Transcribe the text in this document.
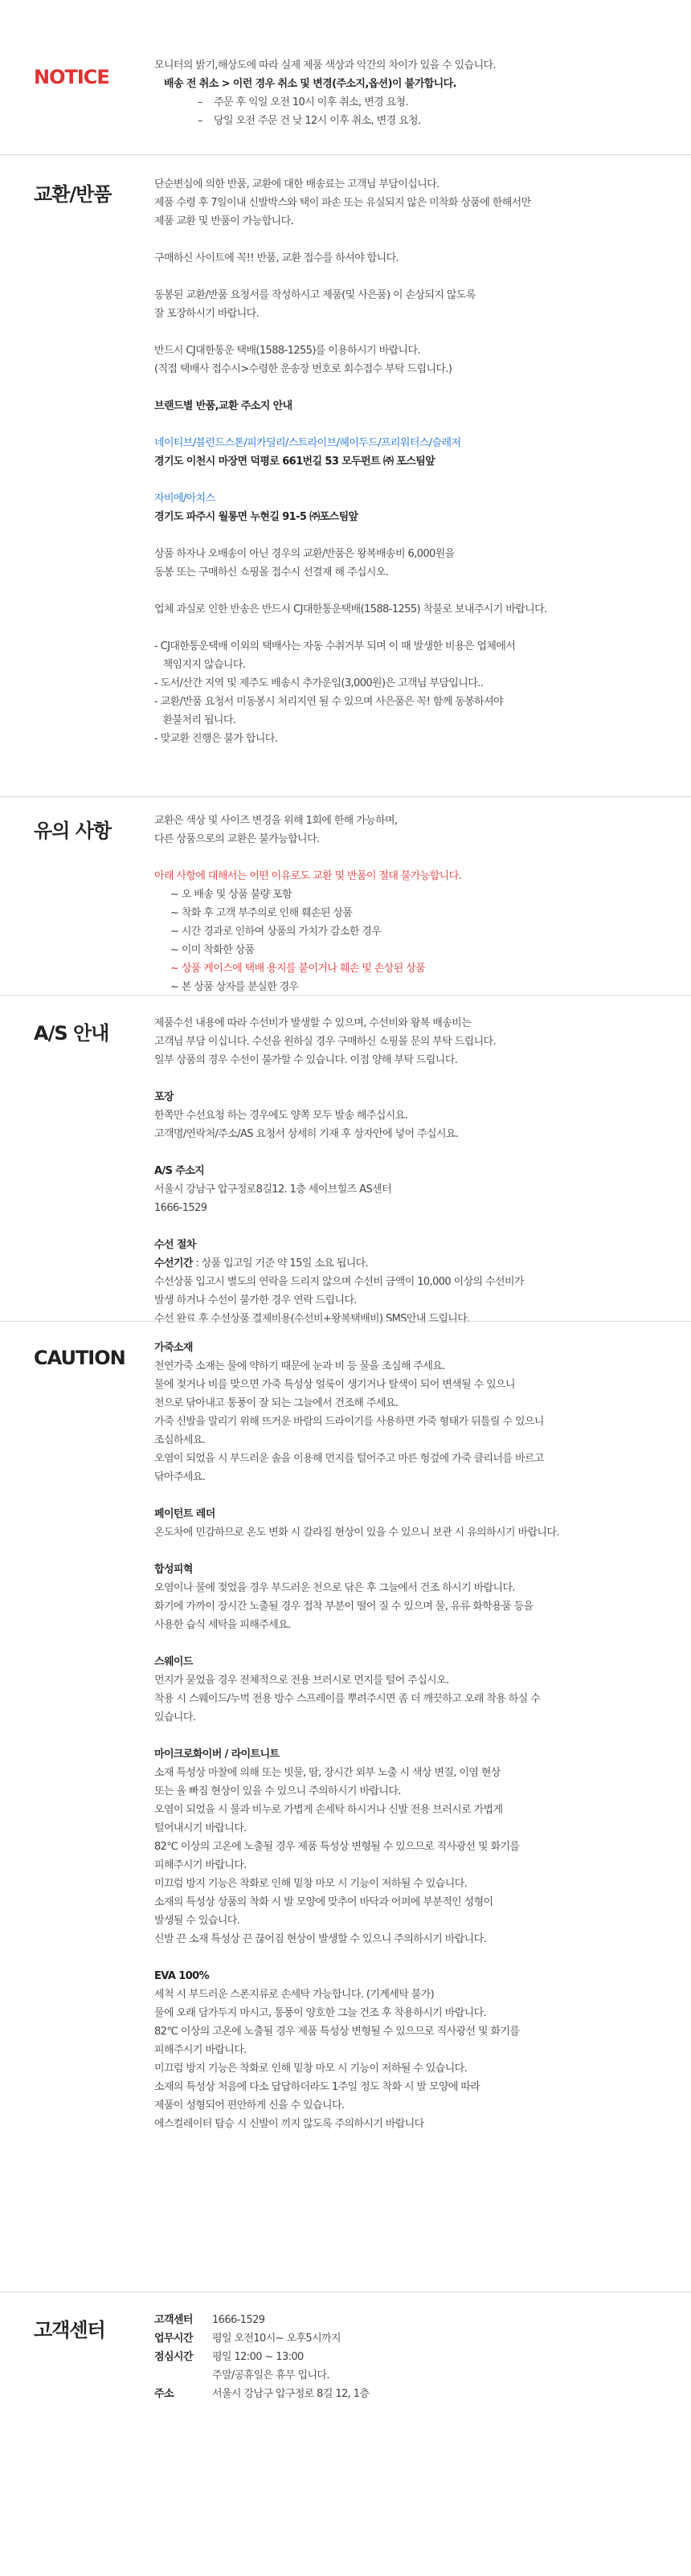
NOTICE

모니터의 밝기,해상도에 따라 실제 제품 색상과 악간의 차이가 있을 수 있습니다.

배송 전 취소 > 이런 경우 취소 및 변경(주소지,옵션)이 불가합니다.

–    주문 후 익일 오전 10시 이후 취소, 변경 요청.

–    당일 오전 주문 건 낮 12시 이후 취소, 변경 요청.

교환/반품	단순변심에 의한 반품, 교환에 대한 배송료는 고객님 부담이십니다.

제품 수령 후 7일이내 신발박스와 택이 파손 또는 유실되지 않은 미착화 상품에 한해서만

제품 교환 및 반품이 가능합니다.

구매하신 사이트에 꼭!! 반품, 교환 접수를 하셔야 합니다.

동봉된 교환/반품 요청서를 작성하시고 제품(및 사은품) 이 손상되지 않도록

잘 포장하시기 바랍니다.

반드시 CJ대한통운 택배(1588-1255)를 이용하시기 바랍니다.

(직접 택배사 접수시>수령한 운송장 번호로 회수접수 부탁 드립니다.)

브랜드별 반품,교환 주소지 안내

네이티브/블런드스톤/피카딜리/스트라이브/헤이두드/프리워터스/슬레저

경기도 이천시 마장면 덕평로 661번길 53 모두펀트 ㈜ 포스팀앞

자비에/아치스

경기도 파주시 월롱면 누현길 91-5 ㈜포스팀앞

상품 하자나 오배송이 아닌 경우의 교환/반품은 왕복배송비 6,000원을

동봉 또는 구매하신 쇼핑몰 접수시 선결재 해 주십시오.

업체 과실로 인한 반송은 반드시 CJ대한통운택배(1588-1255) 착불로 보내주시기 바랍니다.

- CJ대한통운택배 이외의 택배사는 자동 수취거부 되며 이 때 발생한 비용은 업체에서

책임지지 않습니다.

- 도서/산간 지역 및 제주도 배송시 추가운임(3,000원)은 고객님 부담입니다..

- 교환/반품 요청서 미동봉시 처리지연 될 수 있으며 사은품은 꼭! 함께 동봉하셔야

환불처리 됩니다.

- 맞교환 진행은 불가 합니다.

유의 사항	교환은 색상 및 사이즈 변경을 위해 1회에 한해 가능하며,

다른 상품으로의 교환은 불가능합니다.

아래 사항에 대해서는 어떤 이유로도 교환 및 반품이 절대 불가능합니다.

~ 오 배송 및 상품 불량 포함

~ 착화 후 고객 부주의로 인해 훼손된 상품

~ 시간 경과로 인하여 상품의 가치가 감소한 경우

~ 이미 착화한 상품

~ 상품 케이스에 택배 용지를 붙이거나 훼손 및 손상된 상품

~ 본 상품 상자를 분실한 경우

A/S 안내	제품수선 내용에 따라 수선비가 발생할 수 있으며, 수선비와 왕복 배송비는

고객님 부담 이십니다. 수선을 원하실 경우 구매하신 쇼핑몰 문의 부탁 드립니다.

일부 상품의 경우 수선이 불가할 수 있습니다. 이점 양해 부탁 드립니다.

포장

한쪽만 수선요청 하는 경우에도 양쪽 모두 발송 해주십시요.

고객명/연락처/주소/AS 요청서 상세히 기재 후 상자안에 넣어 주십시요.

A/S 주소지

서울시 강남구 압구정로8길12. 1층 세이브힐즈 AS센터

1666-1529

수선 절차

수선기간 : 상품 입고일 기준 약 15일 소요 됩니다.

수선상품 입고시 별도의 연락을 드리지 않으며 수선비 금액이 10,000 이상의 수선비가

발생 하거나 수선이 불가한 경우 연락 드립니다.

수선 완료 후 수선상품 결제비용(수선비+왕복택배비) SMS안내 드립니다.

CAUTION	가죽소재

천연가죽 소재는 물에 약하기 때문에 눈과 비 등 물을 조심해 주세요.

물에 젖거나 비를 맞으면 가죽 특성상 얼룩이 생기거나 탈색이 되어 변색될 수 있으니

천으로 닦아내고 통풍이 잘 되는 그늘에서 건조해 주세요.

가죽 신발을 말리기 위해 뜨거운 바람의 드라이기를 사용하면 가죽 형태가 뒤틀릴 수 있으니

조심하세요.

오염이 되었을 시 부드러운 솔을 이용해 먼지를 털어주고 마른 헝겊에 가죽 클리너를 바르고

닦아주세요.

페이턴트 레더

온도차에 민감하므로 온도 변화 시 갈라짐 현상이 있을 수 있으니 보관 시 유의하시기 바랍니다.

합성피혁

오염이나 물에 젖었을 경우 부드러운 천으로 닦은 후 그늘에서 건조 하시기 바랍니다.

화기에 가까이 장시간 노출될 경우 접착 부분이 떨어 질 수 있으며 물, 유류 화학용품 등을

사용한 습식 세탁을 피해주세요.

스웨이드

먼지가 묻었을 경우 전체적으로 전용 브러시로 먼지를 털어 주십시오.

착용 시 스웨이드/누벅 전용 방수 스프레이를 뿌려주시면 좀 더 깨끗하고 오래 착용 하실 수

있습니다.

마이크로화이버 / 라이트니트

소재 특성상 마찰에 의해 또는 빗물, 땀, 장시간 외부 노출 시 색상 변질, 이염 현상

또는 올 빠짐 현상이 있을 수 있으니 주의하시기 바랍니다.

오염이 되었을 시 물과 비누로 가볍게 손세탁 하시거나 신발 전용 브러시로 가볍게

털어내시기 바랍니다.

82℃ 이상의 고온에 노출될 경우 제품 특성상 변형될 수 있으므로 직사광선 및 화기를

피해주시기 바랍니다.

미끄럼 방지 기능은 착화로 인해 밑창 마모 시 기능이 저하될 수 있습니다.

소재의 특성상 상품의 착화 시 발 모양에 맞추어 바닥과 어퍼에 부분적인 성형이

발생될 수 있습니다.

신발 끈 소재 특성상 끈 끊어짐 현상이 발생할 수 있으니 주의하시기 바랍니다.

EVA 100%

세척 시 부드러운 스폰지류로 손세탁 가능합니다. (기계세탁 불가)

물에 오래 담가두지 마시고, 통풍이 양호한 그늘 건조 후 착용하시기 바랍니다.

82℃ 이상의 고온에 노출될 경우 제품 특성상 변형될 수 있으므로 직사광선 및 화기를

피해주시기 바랍니다.

미끄럼 방지 기능은 착화로 인해 밑창 마모 시 기능이 저하될 수 있습니다.

소재의 특성상 처음에 다소 답답하더라도 1주일 정도 착화 시 발 모양에 따라

제품이 성형되어 편안하게 신을 수 있습니다.

에스컬레이터 탑승 시 신발이 끼지 않도록 주의하시기 바랍니다

고객센터	고객센터	1666-1529
업무시간	평일 오전10시~ 오후5시까지
점심시간	평일 12:00 ~ 13:00
주말/공휴일은 휴무 입니다.
주소	서울시 강남구 압구정로 8길 12, 1층
